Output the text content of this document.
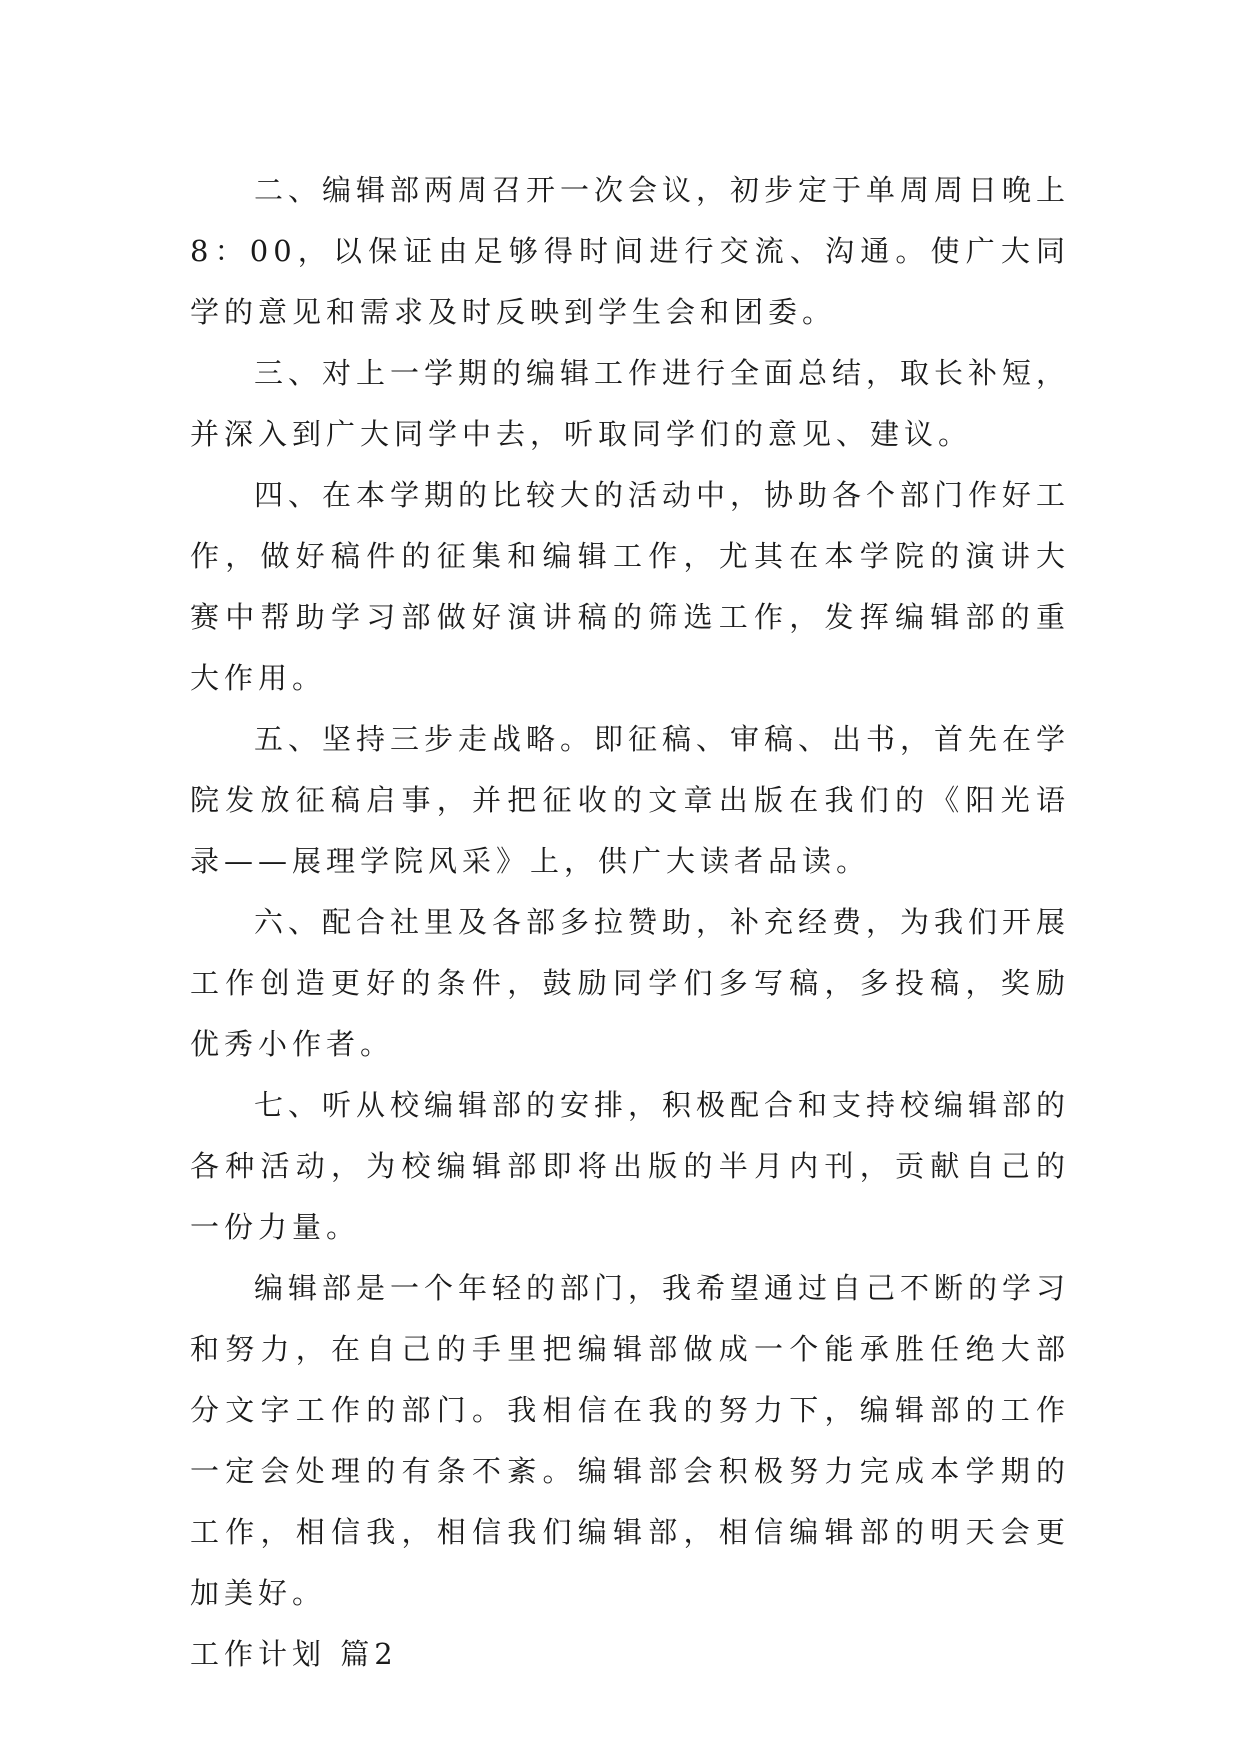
二、编辑部两周召开一次会议，初步定于单周周日晚上8：00，以保证由足够得时间进行交流、沟通。使广大同学的意见和需求及时反映到学生会和团委。

三、对上一学期的编辑工作进行全面总结，取长补短，并深入到广大同学中去，听取同学们的意见、建议。

四、在本学期的比较大的活动中，协助各个部门作好工作，做好稿件的征集和编辑工作，尤其在本学院的演讲大赛中帮助学习部做好演讲稿的筛选工作，发挥编辑部的重大作用。

五、坚持三步走战略。即征稿、审稿、出书，首先在学院发放征稿启事，并把征收的文章出版在我们的《阳光语录——展理学院风采》上，供广大读者品读。

六、配合社里及各部多拉赞助，补充经费，为我们开展工作创造更好的条件，鼓励同学们多写稿，多投稿，奖励优秀小作者。

七、听从校编辑部的安排，积极配合和支持校编辑部的各种活动，为校编辑部即将出版的半月内刊，贡献自己的一份力量。

编辑部是一个年轻的部门，我希望通过自己不断的学习和努力，在自己的手里把编辑部做成一个能承胜任绝大部分文字工作的部门。我相信在我的努力下，编辑部的工作一定会处理的有条不紊。编辑部会积极努力完成本学期的工作，相信我，相信我们编辑部，相信编辑部的明天会更加美好。

工作计划 篇2
